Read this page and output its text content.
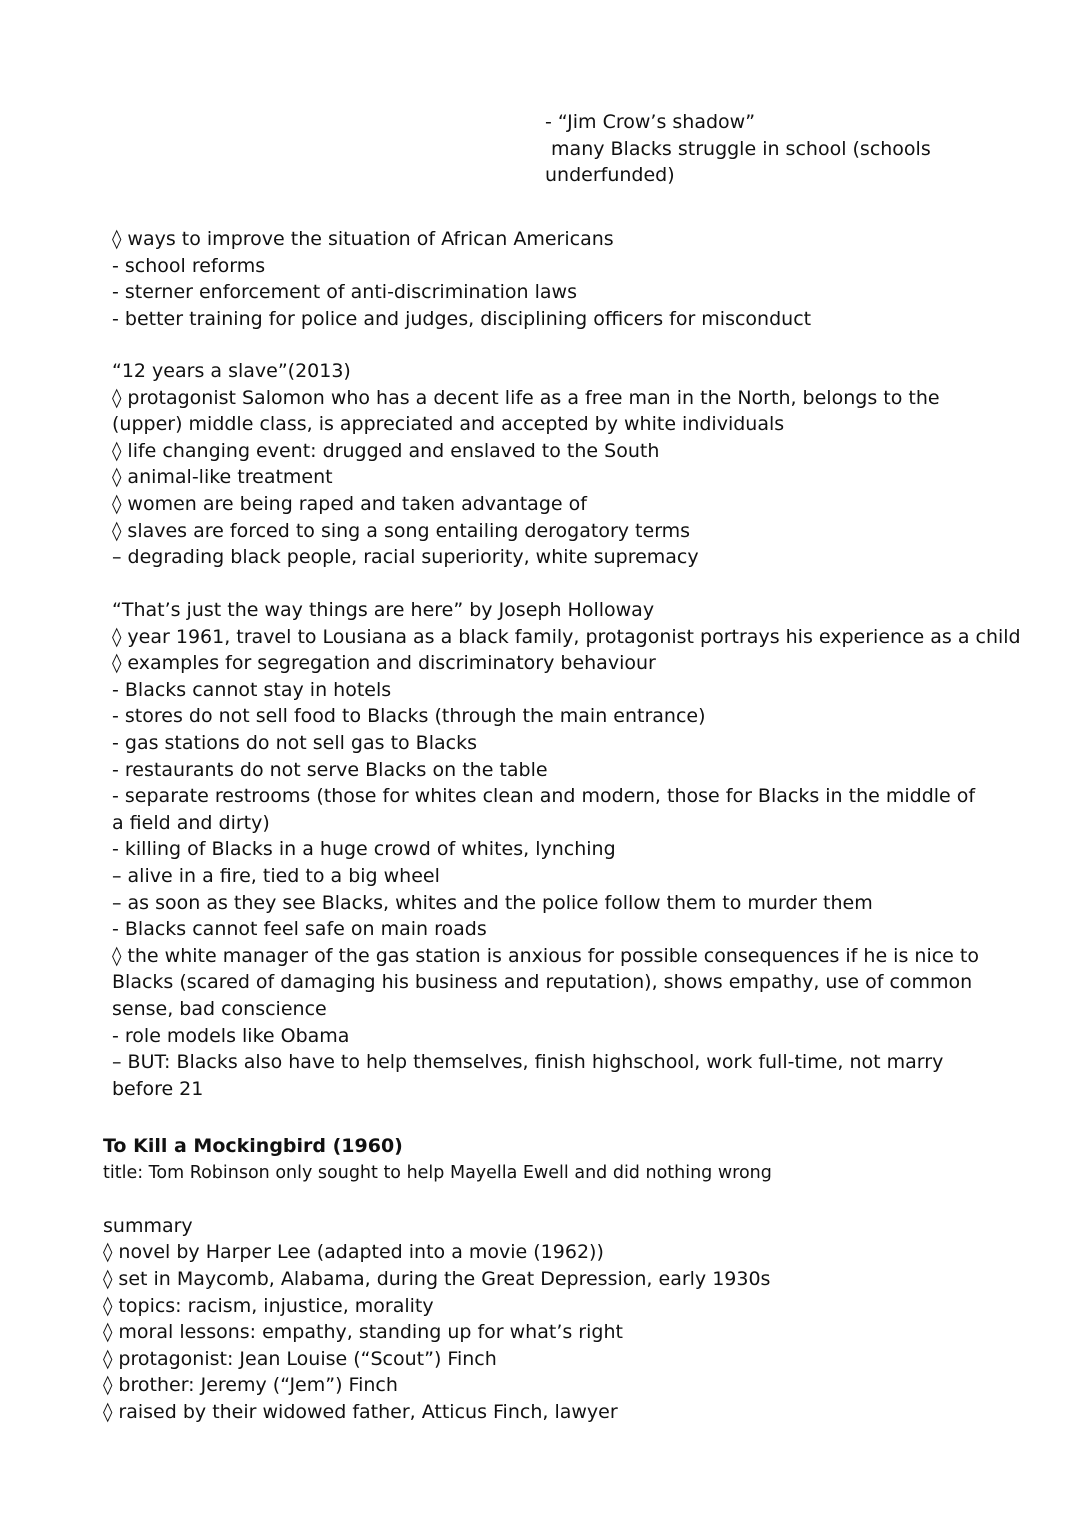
- “Jim Crow’s shadow”
many Blacks struggle in school (schools
underfunded)
◊ ways to improve the situation of African Americans
- school reforms
- sterner enforcement of anti-discrimination laws
- better training for police and judges, disciplining officers for misconduct
“12 years a slave”(2013)
◊ protagonist Salomon who has a decent life as a free man in the North, belongs to the (upper) middle class, is appreciated and accepted by white individuals
◊ life changing event: drugged and enslaved to the South
◊ animal-like treatment
◊ women are being raped and taken advantage of
◊ slaves are forced to sing a song entailing derogatory terms
– degrading black people, racial superiority, white supremacy
“That’s just the way things are here” by Joseph Holloway
◊ year 1961, travel to Lousiana as a black family, protagonist portrays his experience as a child
◊ examples for segregation and discriminatory behaviour
- Blacks cannot stay in hotels
- stores do not sell food to Blacks (through the main entrance)
- gas stations do not sell gas to Blacks
- restaurants do not serve Blacks on the table
- separate restrooms (those for whites clean and modern, those for Blacks in the middle of a field and dirty)
- killing of Blacks in a huge crowd of whites, lynching
– alive in a fire, tied to a big wheel
– as soon as they see Blacks, whites and the police follow them to murder them
- Blacks cannot feel safe on main roads
◊ the white manager of the gas station is anxious for possible consequences if he is nice to Blacks (scared of damaging his business and reputation), shows empathy, use of common sense, bad conscience
- role models like Obama
– BUT: Blacks also have to help themselves, finish highschool, work full-time, not marry before 21
To Kill a Mockingbird (1960)
title: Tom Robinson only sought to help Mayella Ewell and did nothing wrong
summary
◊ novel by Harper Lee (adapted into a movie (1962))
◊ set in Maycomb, Alabama, during the Great Depression, early 1930s
◊ topics: racism, injustice, morality
◊ moral lessons: empathy, standing up for what’s right
◊ protagonist: Jean Louise (“Scout”) Finch
◊ brother: Jeremy (“Jem”) Finch
◊ raised by their widowed father, Atticus Finch, lawyer
